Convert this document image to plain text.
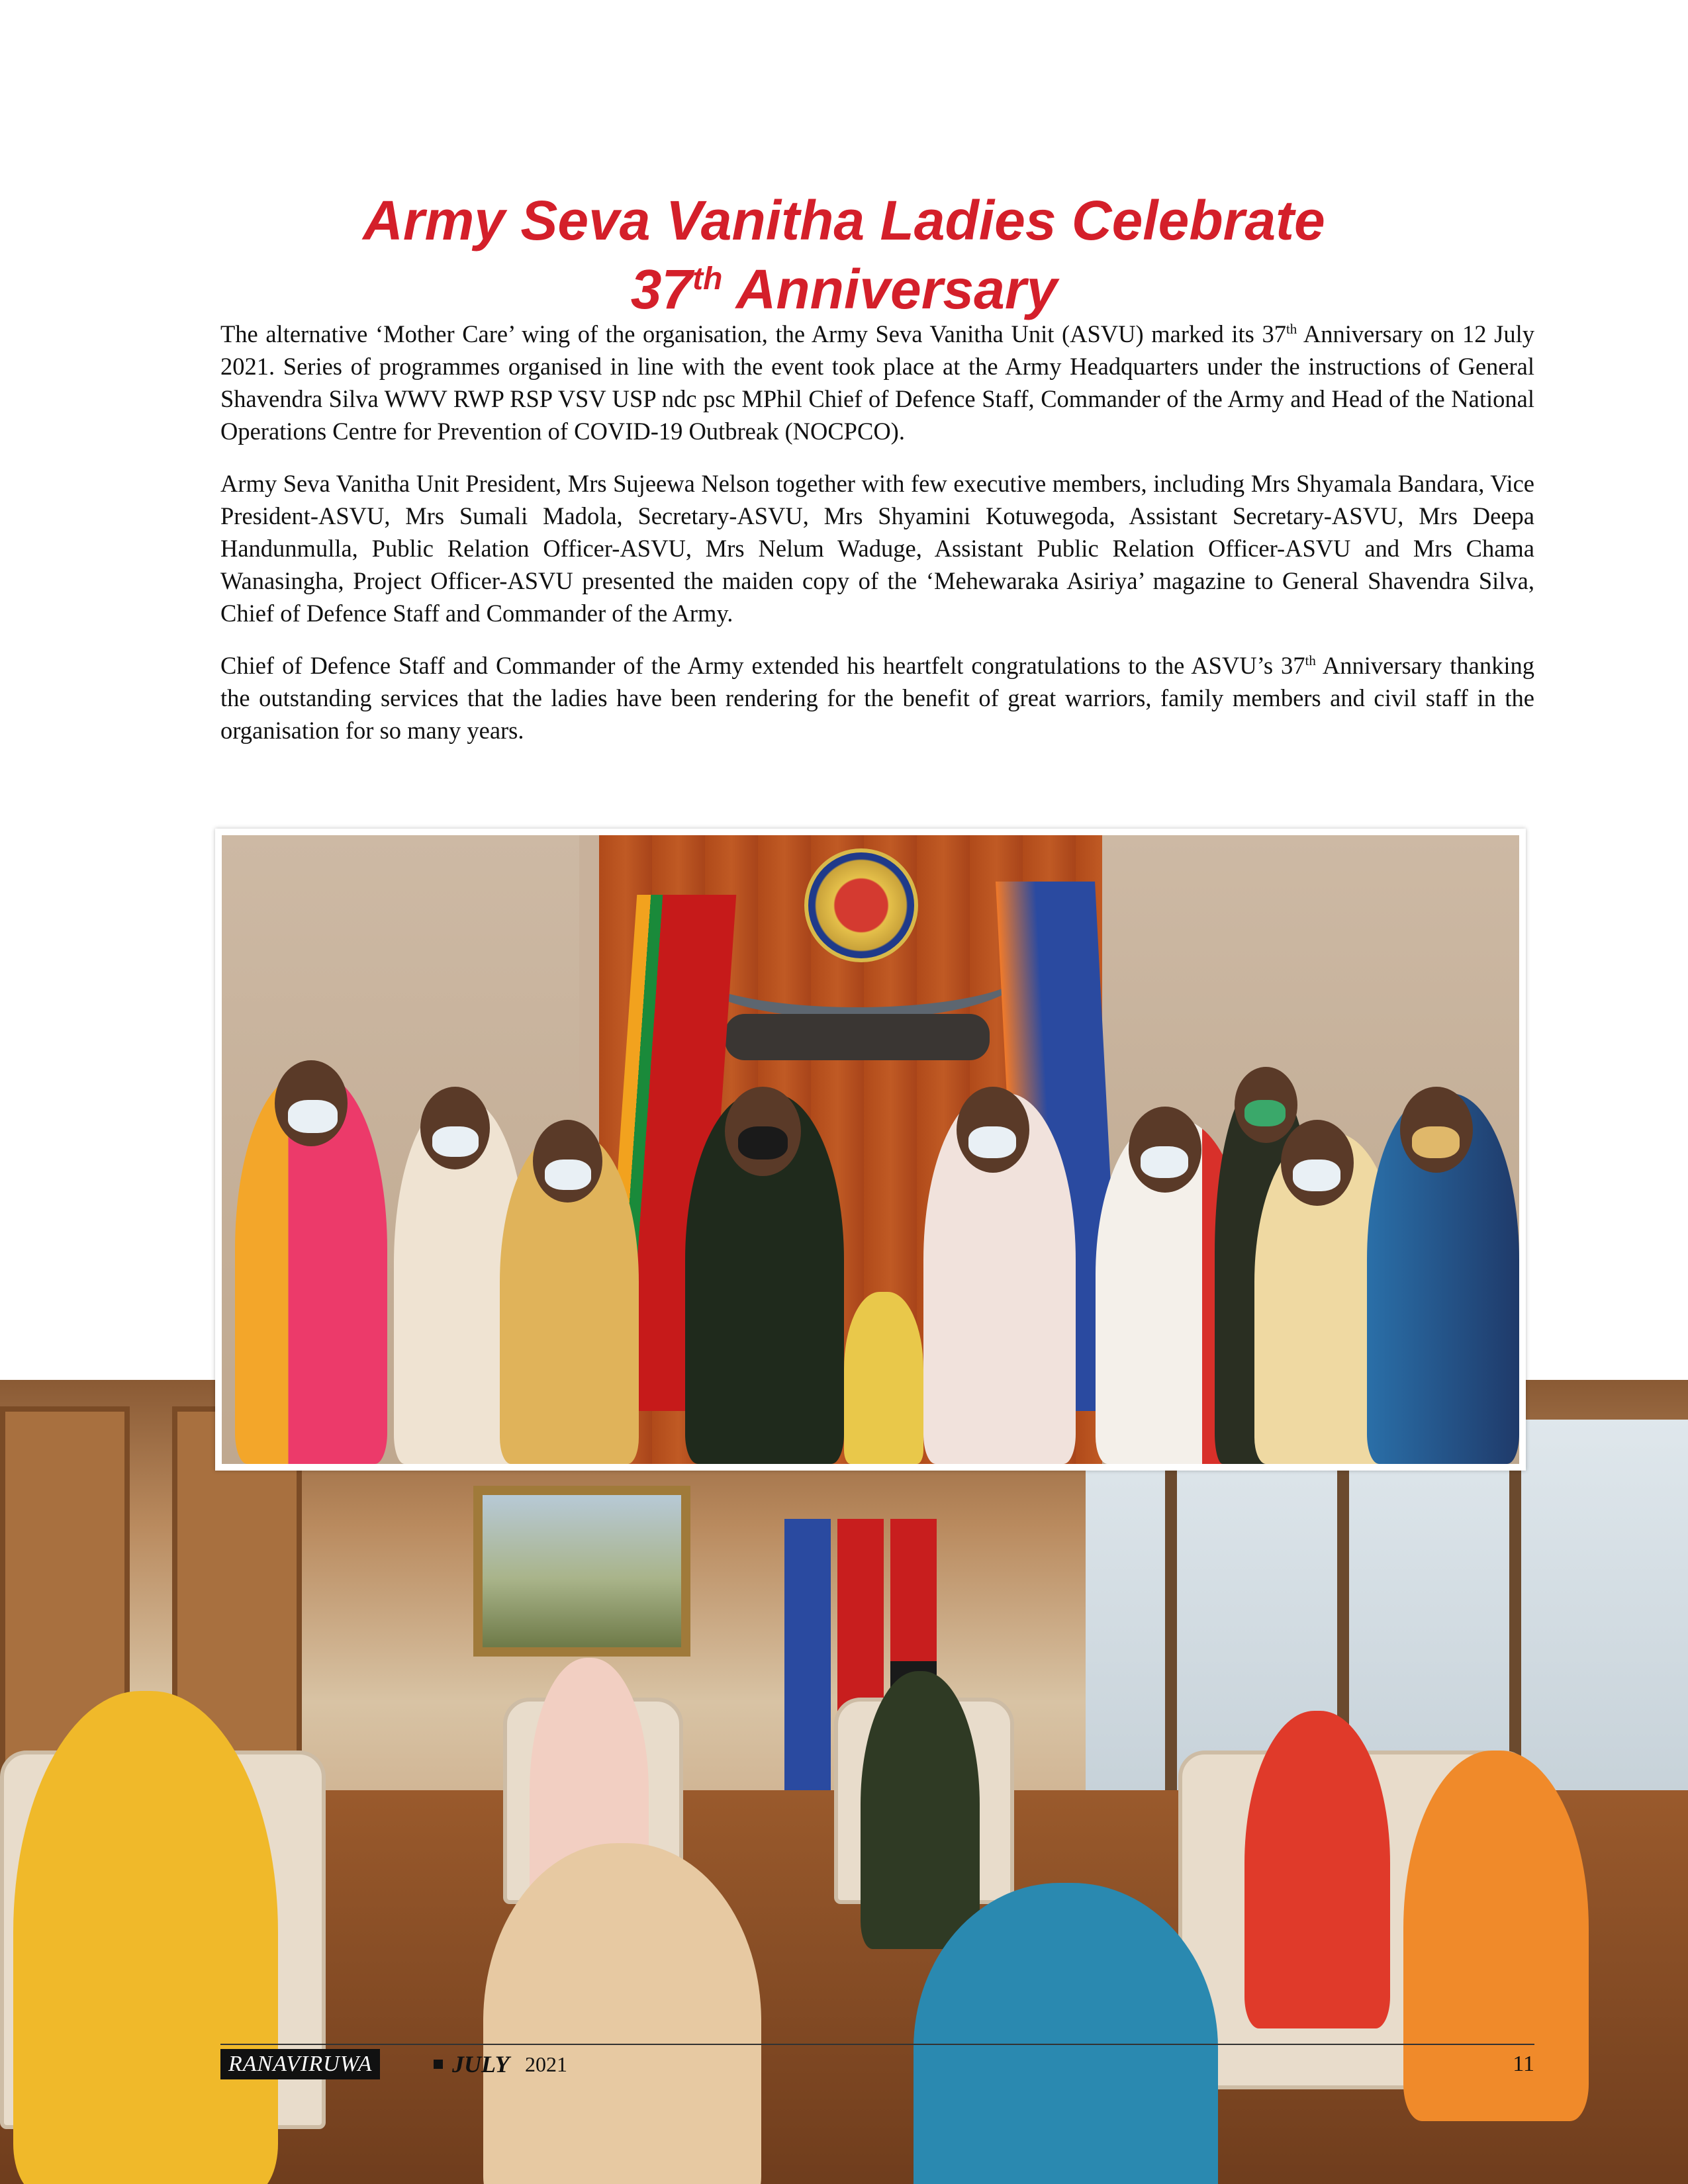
Army Seva Vanitha Ladies Celebrate
37th Anniversary

The alternative ‘Mother Care’ wing of the organisation, the Army Seva Vanitha Unit (ASVU) marked its 37th Anniversary on 12 July 2021. Series of programmes organised in line with the event took place at the Army Headquarters under the instructions of General Shavendra Silva WWV RWP RSP VSV USP ndc psc MPhil Chief of Defence Staff, Commander of the Army and Head of the National Operations Centre for Prevention of COVID-19 Outbreak (NOCPCO).

Army Seva Vanitha Unit President, Mrs Sujeewa Nelson together with few executive members, including Mrs Shyamala Bandara, Vice President-ASVU, Mrs Sumali Madola, Secretary-ASVU, Mrs Shyamini Kotuwegoda, Assistant Secretary-ASVU, Mrs Deepa Handunmulla, Public Relation Officer-ASVU, Mrs Nelum Waduge, Assistant Public Relation Officer-ASVU and Mrs Chama Wanasingha, Project Officer-ASVU presented the maiden copy of the ‘Mehewaraka Asiriya’ magazine to General Shavendra Silva, Chief of Defence Staff and Commander of the Army.

Chief of Defence Staff and Commander of the Army extended his heartfelt congratulations to the ASVU’s 37th Anniversary thanking the outstanding services that the ladies have been rendering for the benefit of great warriors, family members and civil staff in the organisation for so many years.

RANAVIRUWA	JULY 2021	11
